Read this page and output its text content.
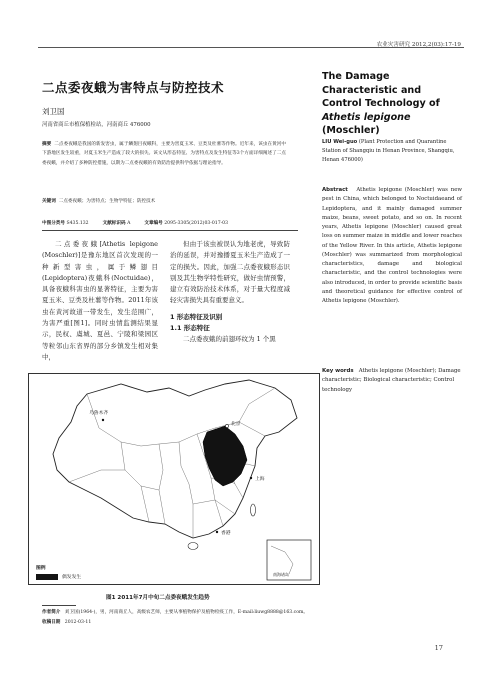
农业灾害研究 2012,2(03):17-19
二点委夜蛾为害特点与防控技术
刘卫国
河南省商丘市植保植检站，河南商丘 476000
摘要 二点委夜蛾是我国的新发害虫，属于鳞翅目夜蛾科，主要为害夏玉米、豆类及杜薯等作物。近年来，该虫在黄河中下游地区发生较重，对夏玉米生产造成了较大的损失。该文从形态特征、为害特点及发生特征等3个方面详细阐述了二点委夜蛾，并介绍了多种防控措施，以期为二点委夜蛾的有效防治提供科学依据与理论指导。
关键词 二点委夜蛾；为害特点；生物学特征；防控技术
中图分类号 S435.132	文献标识码 A	文章编号 2095-3305(2012)03-017-03
二点委夜蛾[Athetis lepigone (Moschler)]是豫东地区首次发现的一种新型害虫，属于鳞翅目(Lepidoptera)夜蛾科(Noctuidae)，具备夜蛾科害虫的显著特征，主要为害夏玉米、豆类及杜薯等作物。2011年该虫在黄河故道一带发生，发生范围广，为害严重[图1]。同时虫情监测结果显示，民权、虞城、夏邑、宁陵和梁园区等粒邻山东省界的部分乡镇发生相对集中，
但由于该虫被误认为地老虎，导致防治的延误，并对豫播夏玉米生产造成了一定的损失。因此，加强二点委夜蛾形态识别及其生物学特性研究，做好虫情预警，建立有效防治技术体系，对于量大程度减轻灾害损失具有重要意义。
1 形态特征及识别
1.1 形态特征
二点委夜蛾的前翅环纹为 1 个黑
The Damage Characteristic and Control Technology of Athetis lepigone (Moschler)
LIU Wei-guo (Plant Protection and Quarantine Station of Shangqiu in Henan Province, Shangqiu, Henan 476000)
Abstract Athetis lepigone (Moschler) was new pest in China, which belonged to Noctuidaeand of Lepidoptera, and it mainly damaged summer maize, beans, sweet potato, and so on. In recent years, Athetis lepigone (Moschler) caused great loss on summer maize in middle and lower reaches of the Yellow River. In this article, Athetis lepigone (Moschler) was summarized from morphological characteristics, damage and biological characteristic, and the control technologies were also introduced, in order to provide scientific basis and theoretical guidance for effective control of Athetis lepigone (Moschler).
Key words Athetis lepigone (Moschler); Damage characteristic; Biological characteristic; Control technology
乌鲁木齐
北京
上海
香港
南海诸岛
图例
偶发发生
图1 2011年7月中旬二点委夜蛾发生趋势
作者简介 刘卫国(1964-)，男，河南商丘人，高级农艺师，主要从事植物保护及植物检疫工作，E-mail:liuwg8888@163.com。
收稿日期 2012-03-11
17
